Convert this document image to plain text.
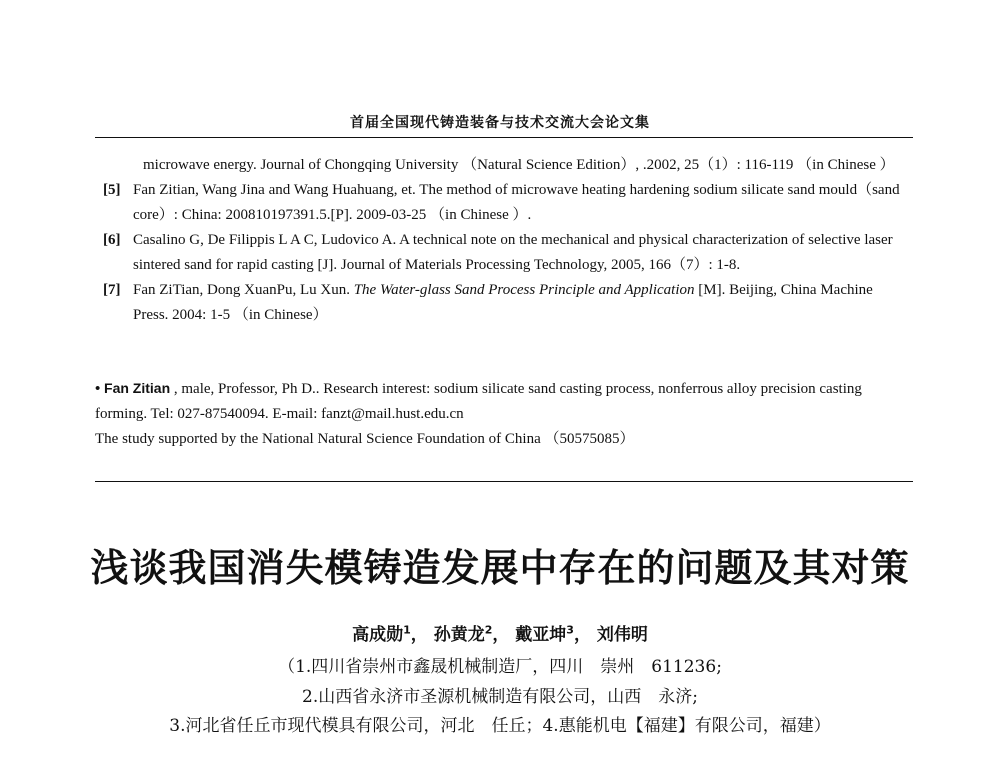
首届全国现代铸造装备与技术交流大会论文集
microwave energy. Journal of Chongqing University （Natural Science Edition）, .2002, 25（1）: 116-119 （in Chinese ）
[5] Fan Zitian, Wang Jina and Wang Huahuang, et. The method of microwave heating hardening sodium silicate sand mould（sand
core）: China: 200810197391.5.[P]. 2009-03-25 （in Chinese ）.
[6] Casalino G, De Filippis L A C, Ludovico A. A technical note on the mechanical and physical characterization of selective laser
sintered sand for rapid casting [J]. Journal of Materials Processing Technology, 2005, 166（7）: 1-8.
[7] Fan ZiTian, Dong XuanPu, Lu Xun. The Water-glass Sand Process Principle and Application [M]. Beijing, China Machine
Press. 2004: 1-5 （in Chinese）
• Fan Zitian , male, Professor, Ph D.. Research interest: sodium silicate sand casting process, nonferrous alloy precision casting
forming. Tel: 027-87540094. E-mail: fanzt@mail.hust.edu.cn
The study supported by the National Natural Science Foundation of China （50575085）
浅谈我国消失模铸造发展中存在的问题及其对策
高成勋$^1$， 孙黄龙$^2$， 戴亚坤$^3$， 刘伟明
（1.四川省崇州市鑫晟机械制造厂，四川　崇州　611236;
2.山西省永济市圣源机械制造有限公司，山西　永济;
3.河北省任丘市现代模具有限公司，河北　任丘；4.惠能机电【福建】有限公司，福建）
